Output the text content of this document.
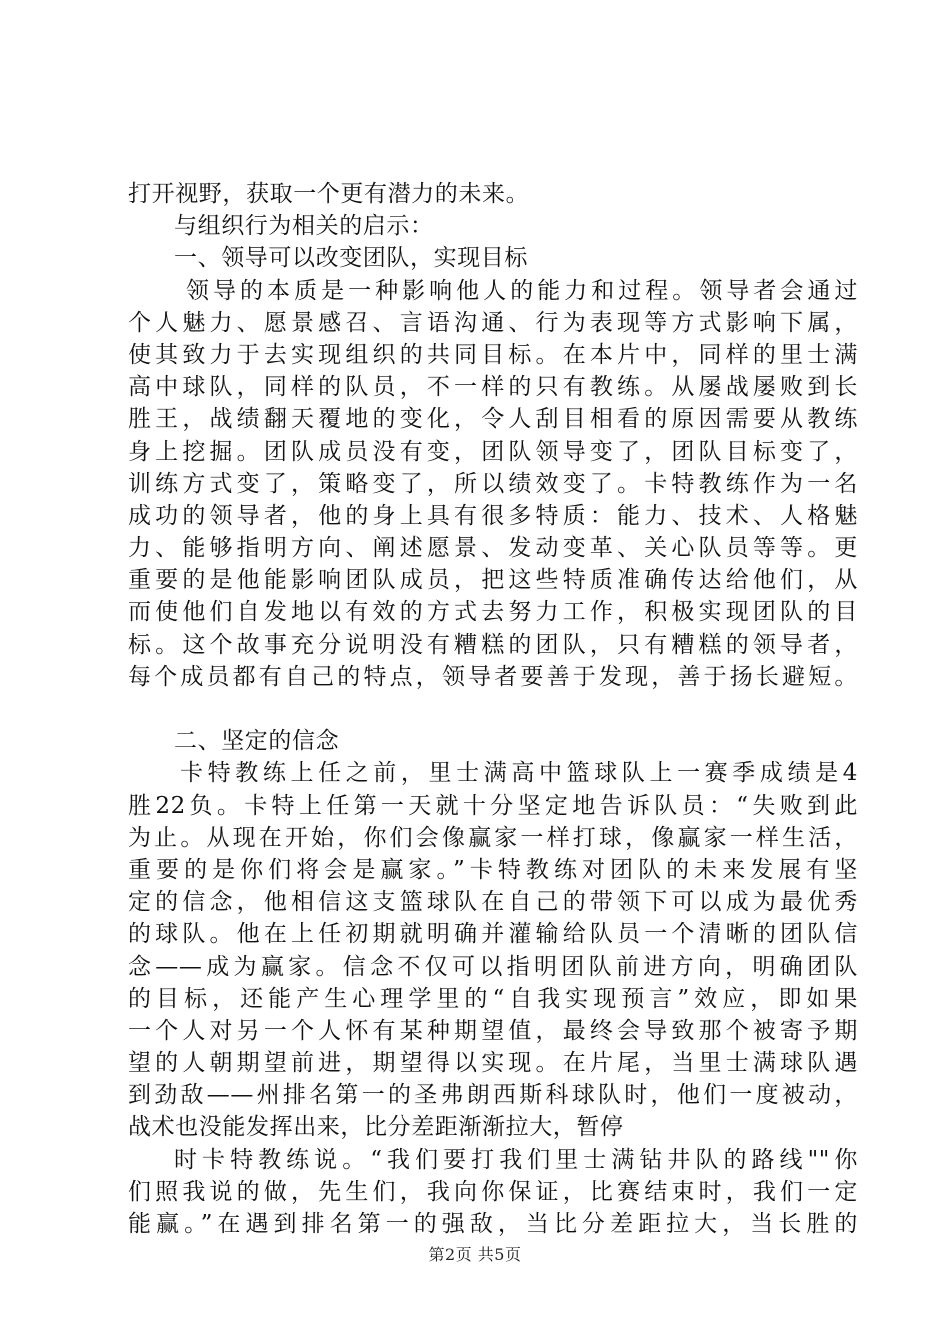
打开视野，获取一个更有潜力的未来。
与组织行为相关的启示：
一、领导可以改变团队，实现目标
领导的本质是一种影响他人的能力和过程。领导者会通过
个人魅力、愿景感召、言语沟通、行为表现等方式影响下属，
使其致力于去实现组织的共同目标。在本片中，同样的里士满
高中球队，同样的队员，不一样的只有教练。从屡战屡败到长
胜王，战绩翻天覆地的变化，令人刮目相看的原因需要从教练
身上挖掘。团队成员没有变，团队领导变了，团队目标变了，
训练方式变了，策略变了，所以绩效变了。卡特教练作为一名
成功的领导者，他的身上具有很多特质：能力、技术、人格魅
力、能够指明方向、阐述愿景、发动变革、关心队员等等。更
重要的是他能影响团队成员，把这些特质准确传达给他们，从
而使他们自发地以有效的方式去努力工作，积极实现团队的目
标。这个故事充分说明没有糟糕的团队，只有糟糕的领导者，
每个成员都有自己的特点，领导者要善于发现，善于扬长避短。
二、坚定的信念
卡特教练上任之前，里士满高中篮球队上一赛季成绩是4
胜22负。卡特上任第一天就十分坚定地告诉队员：“失败到此
为止。从现在开始，你们会像赢家一样打球，像赢家一样生活，
重要的是你们将会是赢家。”卡特教练对团队的未来发展有坚
定的信念，他相信这支篮球队在自己的带领下可以成为最优秀
的球队。他在上任初期就明确并灌输给队员一个清晰的团队信
念——成为赢家。信念不仅可以指明团队前进方向，明确团队
的目标，还能产生心理学里的“自我实现预言”效应，即如果
一个人对另一个人怀有某种期望值，最终会导致那个被寄予期
望的人朝期望前进，期望得以实现。在片尾，当里士满球队遇
到劲敌——州排名第一的圣弗朗西斯科球队时，他们一度被动，
战术也没能发挥出来，比分差距渐渐拉大，暂停
时卡特教练说。“我们要打我们里士满钻井队的路线""你
们照我说的做，先生们，我向你保证，比赛结束时，我们一定
能赢。”在遇到排名第一的强敌，当比分差距拉大，当长胜的
第2页 共5页
